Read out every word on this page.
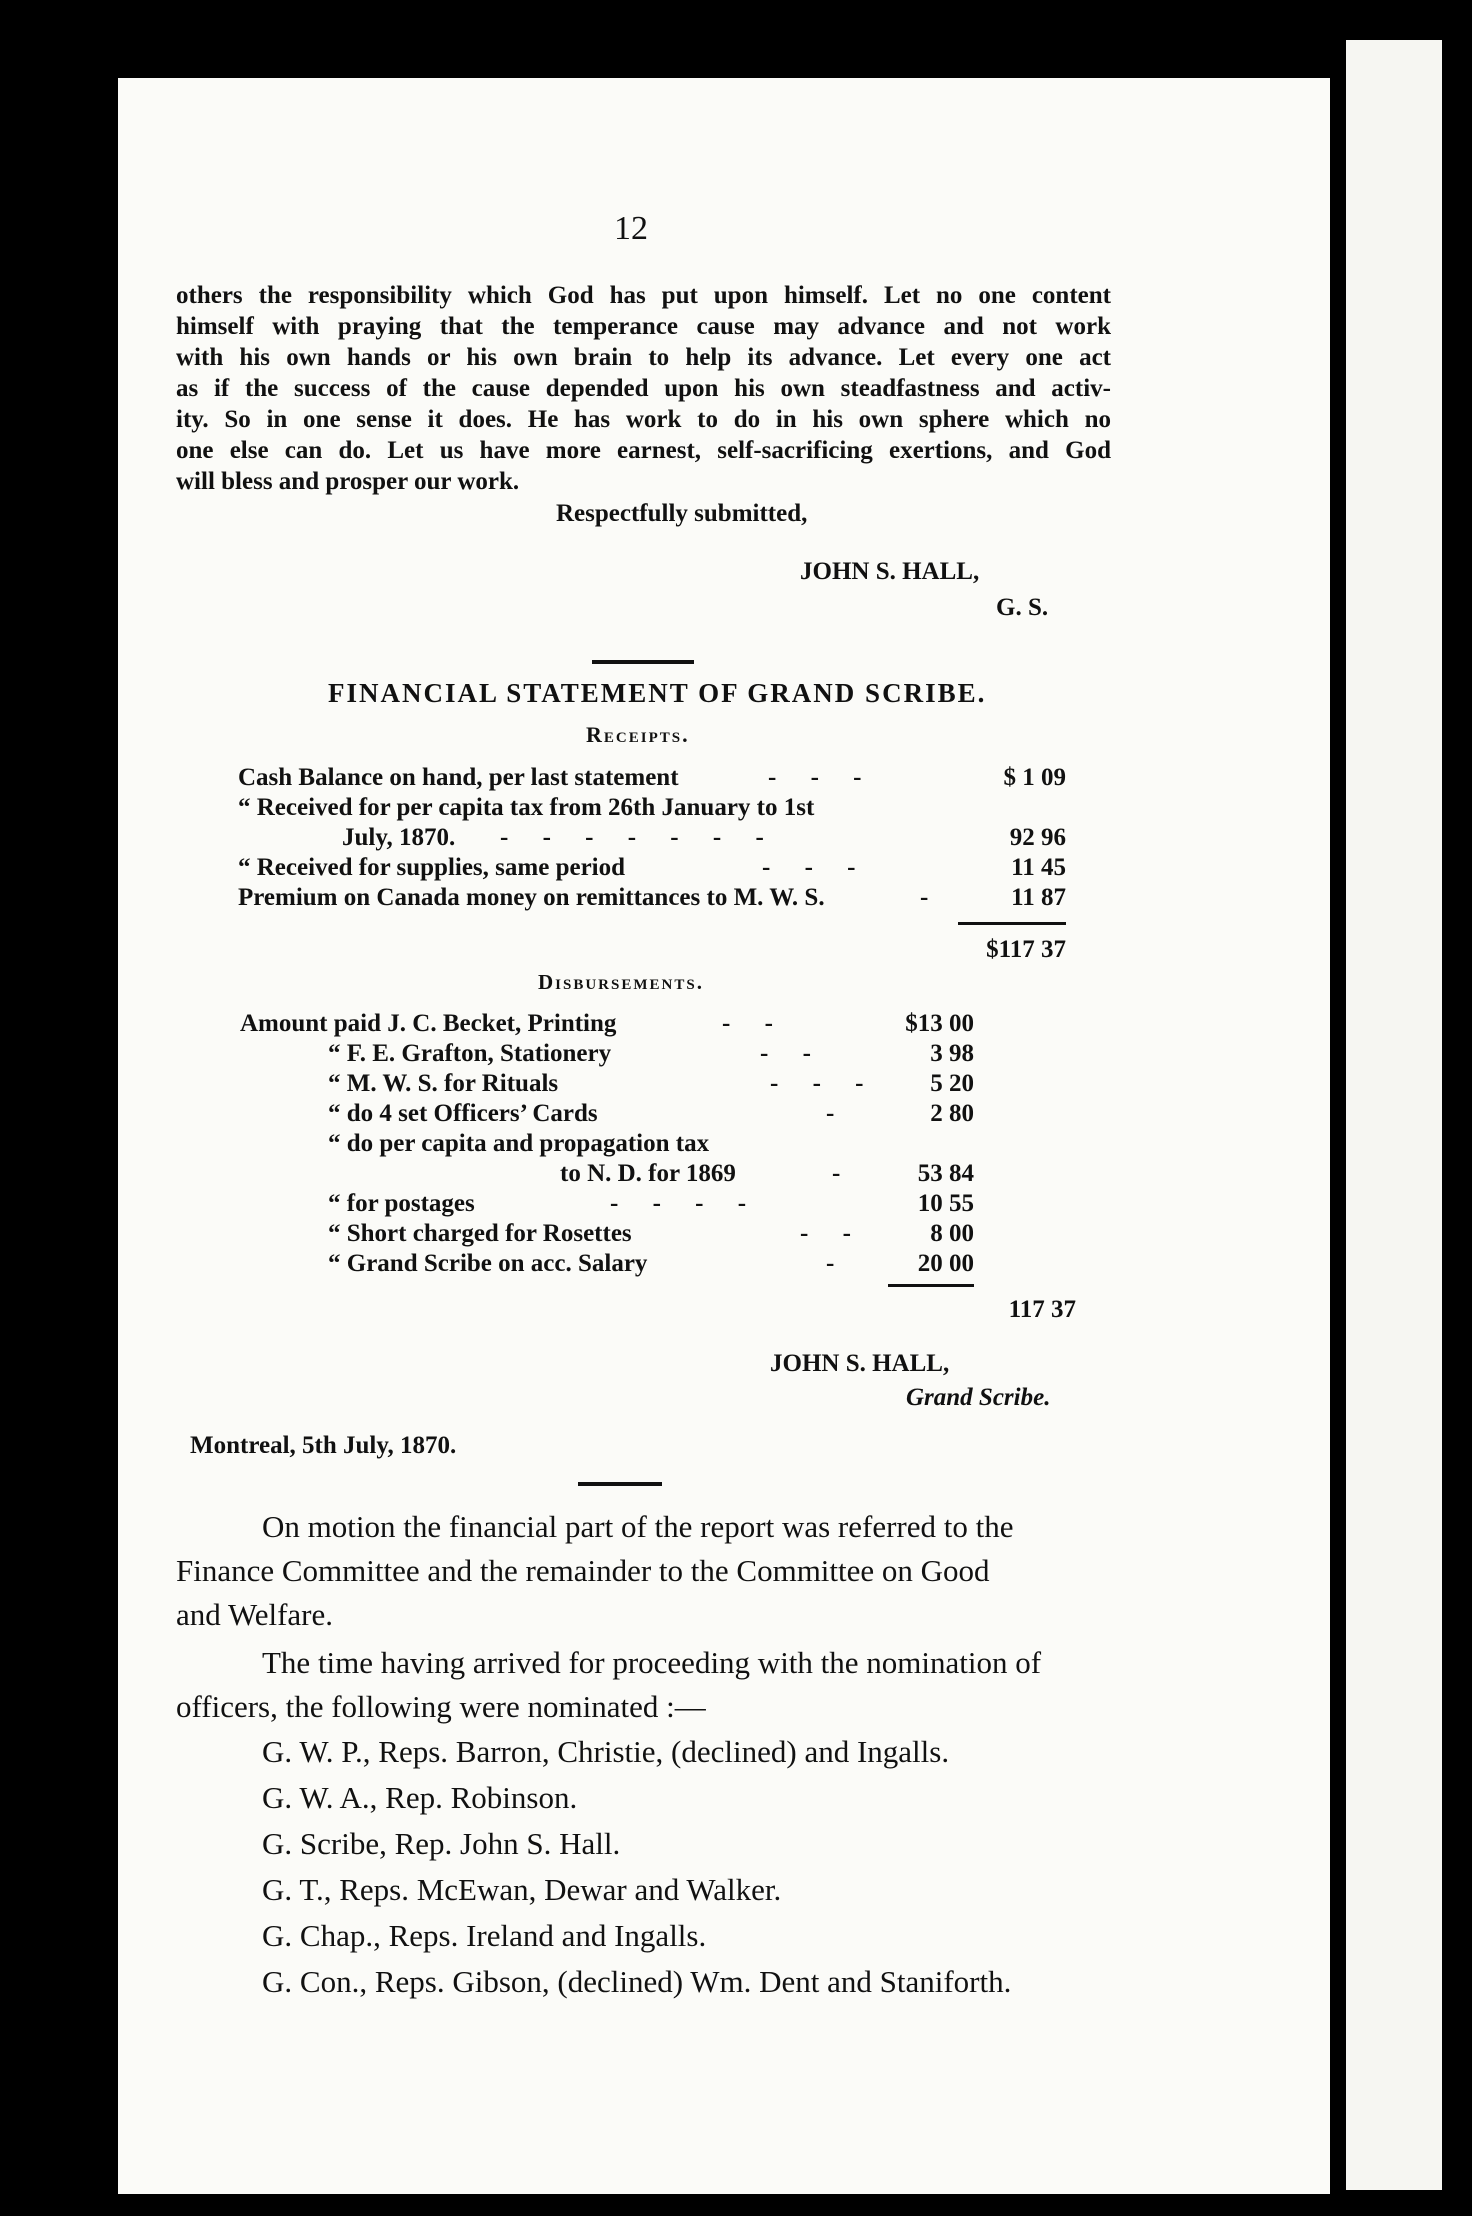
12
others the responsibility which God has put upon himself. Let no one content
himself with praying that the temperance cause may advance and not work
with his own hands or his own brain to help its advance. Let every one act
as if the success of the cause depended upon his own steadfastness and activ-
ity. So in one sense it does. He has work to do in his own sphere which no
one else can do. Let us have more earnest, self-sacrificing exertions, and God
will bless and prosper our work.
Respectfully submitted,
JOHN S. HALL,
G. S.
FINANCIAL STATEMENT OF GRAND SCRIBE.
Receipts.
Cash Balance on hand, per last statement	- - -	$ 1 09
“ Received for per capita tax from 26th January to 1st
July, 1870. - - - - - - -	92 96
“ Received for supplies, same period	- - -	11 45
Premium on Canada money on remittances to M. W. S.	-	11 87
$117 37
Disbursements.
Amount paid J. C. Becket, Printing	- -	$13 00
“ F. E. Grafton, Stationery	- -	3 98
“ M. W. S. for Rituals	- - -	5 20
“ do 4 set Officers’ Cards	-	2 80
“ do per capita and propagation tax
to N. D. for 1869	-	53 84
“ for postages	- - - -	10 55
“ Short charged for Rosettes	- -	8 00
“ Grand Scribe on acc. Salary	-	20 00
117 37
JOHN S. HALL,
Grand Scribe.
Montreal, 5th July, 1870.
On motion the financial part of the report was referred to the
Finance Committee and the remainder to the Committee on Good
and Welfare.
The time having arrived for proceeding with the nomination of
officers, the following were nominated :—
G. W. P., Reps. Barron, Christie, (declined) and Ingalls.
G. W. A., Rep. Robinson.
G. Scribe, Rep. John S. Hall.
G. T., Reps. McEwan, Dewar and Walker.
G. Chap., Reps. Ireland and Ingalls.
G. Con., Reps. Gibson, (declined) Wm. Dent and Staniforth.
